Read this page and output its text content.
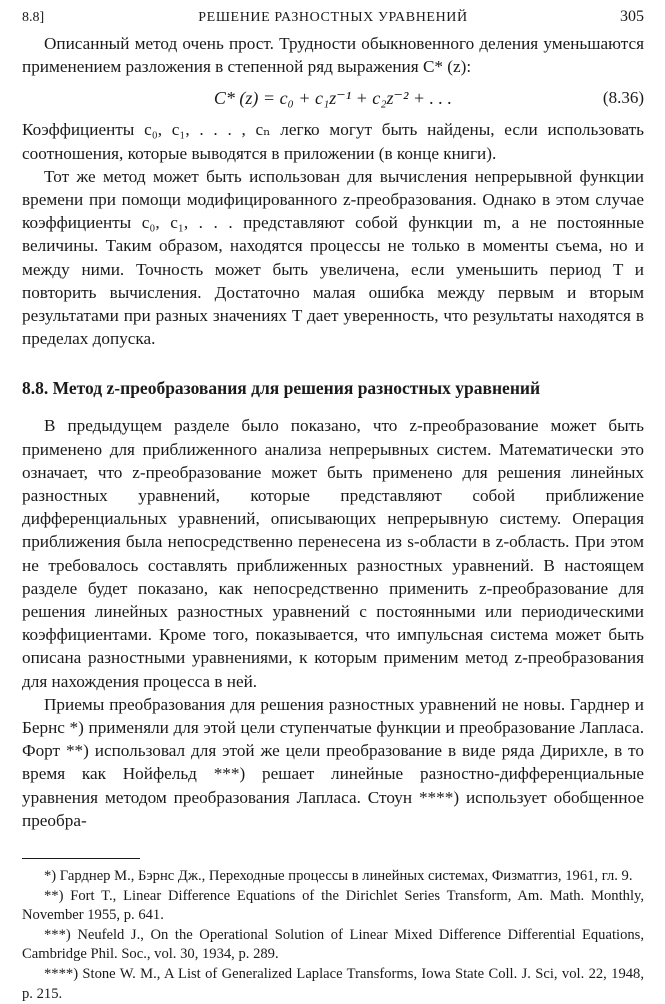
8.8]	РЕШЕНИЕ РАЗНОСТНЫХ УРАВНЕНИЙ	305

Описанный метод очень прост. Трудности обыкновенного деления уменьшаются применением разложения в степенной ряд выражения C* (z):

C* (z) = c₀ + c₁z⁻¹ + c₂z⁻² + . . .	(8.36)

Коэффициенты c₀, c₁, . . . , cₙ легко могут быть найдены, если использовать соотношения, которые выводятся в приложении (в конце книги).

Тот же метод может быть использован для вычисления непрерывной функции времени при помощи модифицированного z-преобразования. Однако в этом случае коэффициенты c₀, c₁, . . . представляют собой функции m, а не постоянные величины. Таким образом, находятся процессы не только в моменты съема, но и между ними. Точность может быть увеличена, если уменьшить период T и повторить вычисления. Достаточно малая ошибка между первым и вторым результатами при разных значениях T дает уверенность, что результаты находятся в пределах допуска.

8.8. Метод z-преобразования для решения разностных уравнений

В предыдущем разделе было показано, что z-преобразование может быть применено для приближенного анализа непрерывных систем. Математически это означает, что z-преобразование может быть применено для решения линейных разностных уравнений, которые представляют собой приближение дифференциальных уравнений, описывающих непрерывную систему. Операция приближения была непосредственно перенесена из s-области в z-область. При этом не требовалось составлять приближенных разностных уравнений. В настоящем разделе будет показано, как непосредственно применить z-преобразование для решения линейных разностных уравнений с постоянными или периодическими коэффициентами. Кроме того, показывается, что импульсная система может быть описана разностными уравнениями, к которым применим метод z-преобразования для нахождения процесса в ней.

Приемы преобразования для решения разностных уравнений не новы. Гарднер и Бернс *) применяли для этой цели ступенчатые функции и преобразование Лапласа. Форт **) использовал для этой же цели преобразование в виде ряда Дирихле, в то время как Нойфельд ***) решает линейные разностно-дифференциальные уравнения методом преобразования Лапласа. Стоун ****) использует обобщенное преобра-

*) Гарднер М., Бэрнс Дж., Переходные процессы в линейных системах, Физматгиз, 1961, гл. 9.

**) Fort T., Linear Difference Equations of the Dirichlet Series Transform, Am. Math. Monthly, November 1955, p. 641.

***) Neufeld J., On the Operational Solution of Linear Mixed Difference Differential Equations, Cambridge Phil. Soc., vol. 30, 1934, p. 289.

****) Stone W. M., A List of Generalized Laplace Transforms, Iowa State Coll. J. Sci, vol. 22, 1948, p. 215.
